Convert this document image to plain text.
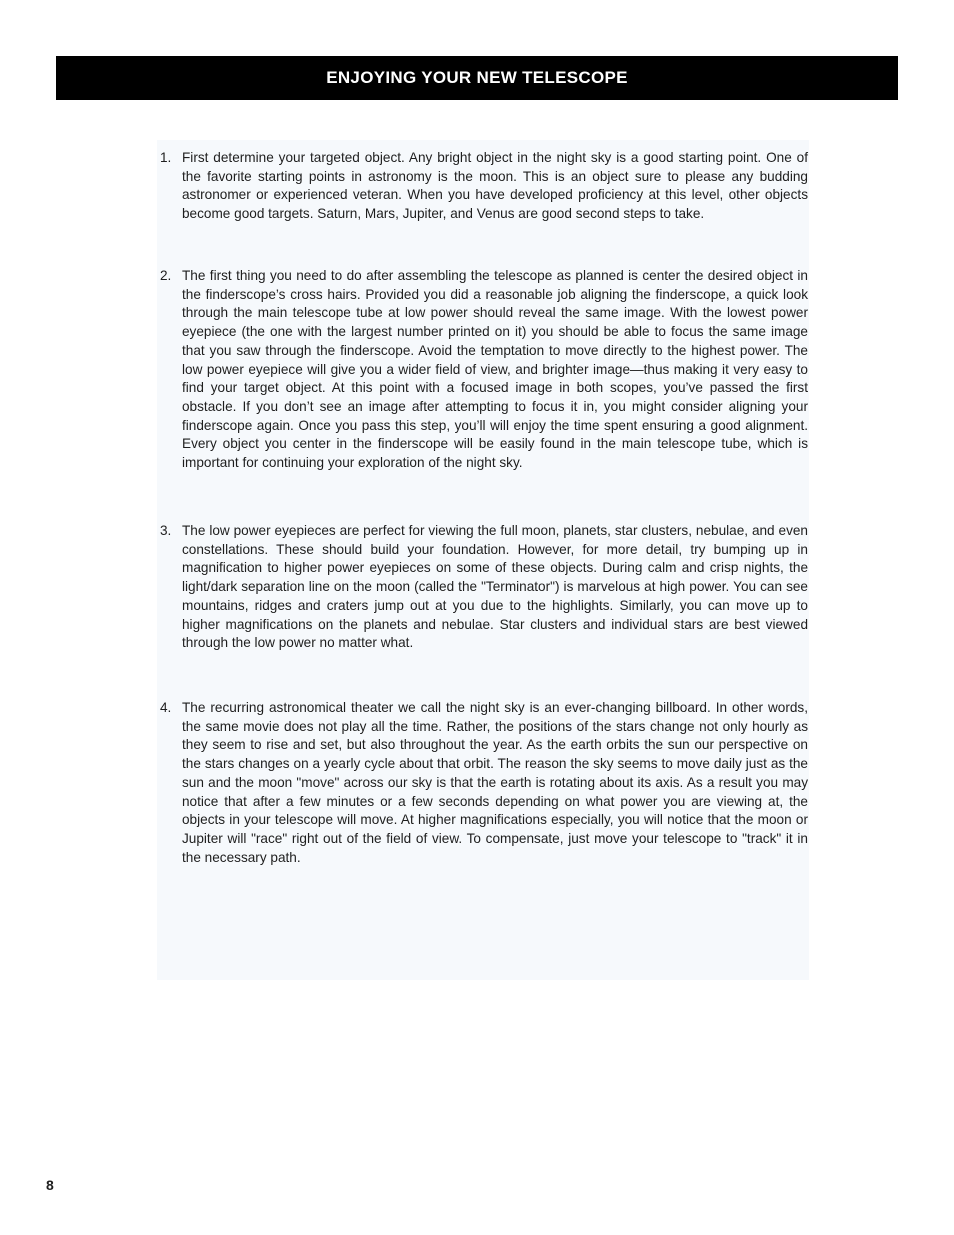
ENJOYING YOUR NEW TELESCOPE
1. First determine your targeted object. Any bright object in the night sky is a good starting point. One of the favorite starting points in astronomy is the moon. This is an object sure to please any budding astronomer or experienced veteran. When you have developed proficiency at this level, other objects become good targets. Saturn, Mars, Jupiter, and Venus are good second steps to take.
2. The first thing you need to do after assembling the telescope as planned is center the desired object in the finderscope’s cross hairs. Provided you did a reasonable job aligning the finderscope, a quick look through the main telescope tube at low power should reveal the same image. With the lowest power eyepiece (the one with the largest number printed on it) you should be able to focus the same image that you saw through the finderscope. Avoid the temptation to move directly to the highest power. The low power eyepiece will give you a wider field of view, and brighter image—thus making it very easy to find your target object. At this point with a focused image in both scopes, you’ve passed the first obstacle. If you don’t see an image after attempting to focus it in, you might consider aligning your finderscope again. Once you pass this step, you’ll will enjoy the time spent ensuring a good alignment. Every object you center in the finderscope will be easily found in the main telescope tube, which is important for continuing your exploration of the night sky.
3. The low power eyepieces are perfect for viewing the full moon, planets, star clusters, nebulae, and even constellations. These should build your foundation. However, for more detail, try bumping up in magnification to higher power eyepieces on some of these objects. During calm and crisp nights, the light/dark separation line on the moon (called the "Terminator") is marvelous at high power. You can see mountains, ridges and craters jump out at you due to the highlights. Similarly, you can move up to higher magnifications on the planets and nebulae. Star clusters and individual stars are best viewed through the low power no matter what.
4. The recurring astronomical theater we call the night sky is an ever-changing billboard. In other words, the same movie does not play all the time. Rather, the positions of the stars change not only hourly as they seem to rise and set, but also throughout the year. As the earth orbits the sun our perspective on the stars changes on a yearly cycle about that orbit. The reason the sky seems to move daily just as the sun and the moon "move" across our sky is that the earth is rotating about its axis. As a result you may notice that after a few minutes or a few seconds depending on what power you are viewing at, the objects in your telescope will move. At higher magnifications especially, you will notice that the moon or Jupiter will "race" right out of the field of view. To compensate, just move your telescope to "track" it in the necessary path.
8
